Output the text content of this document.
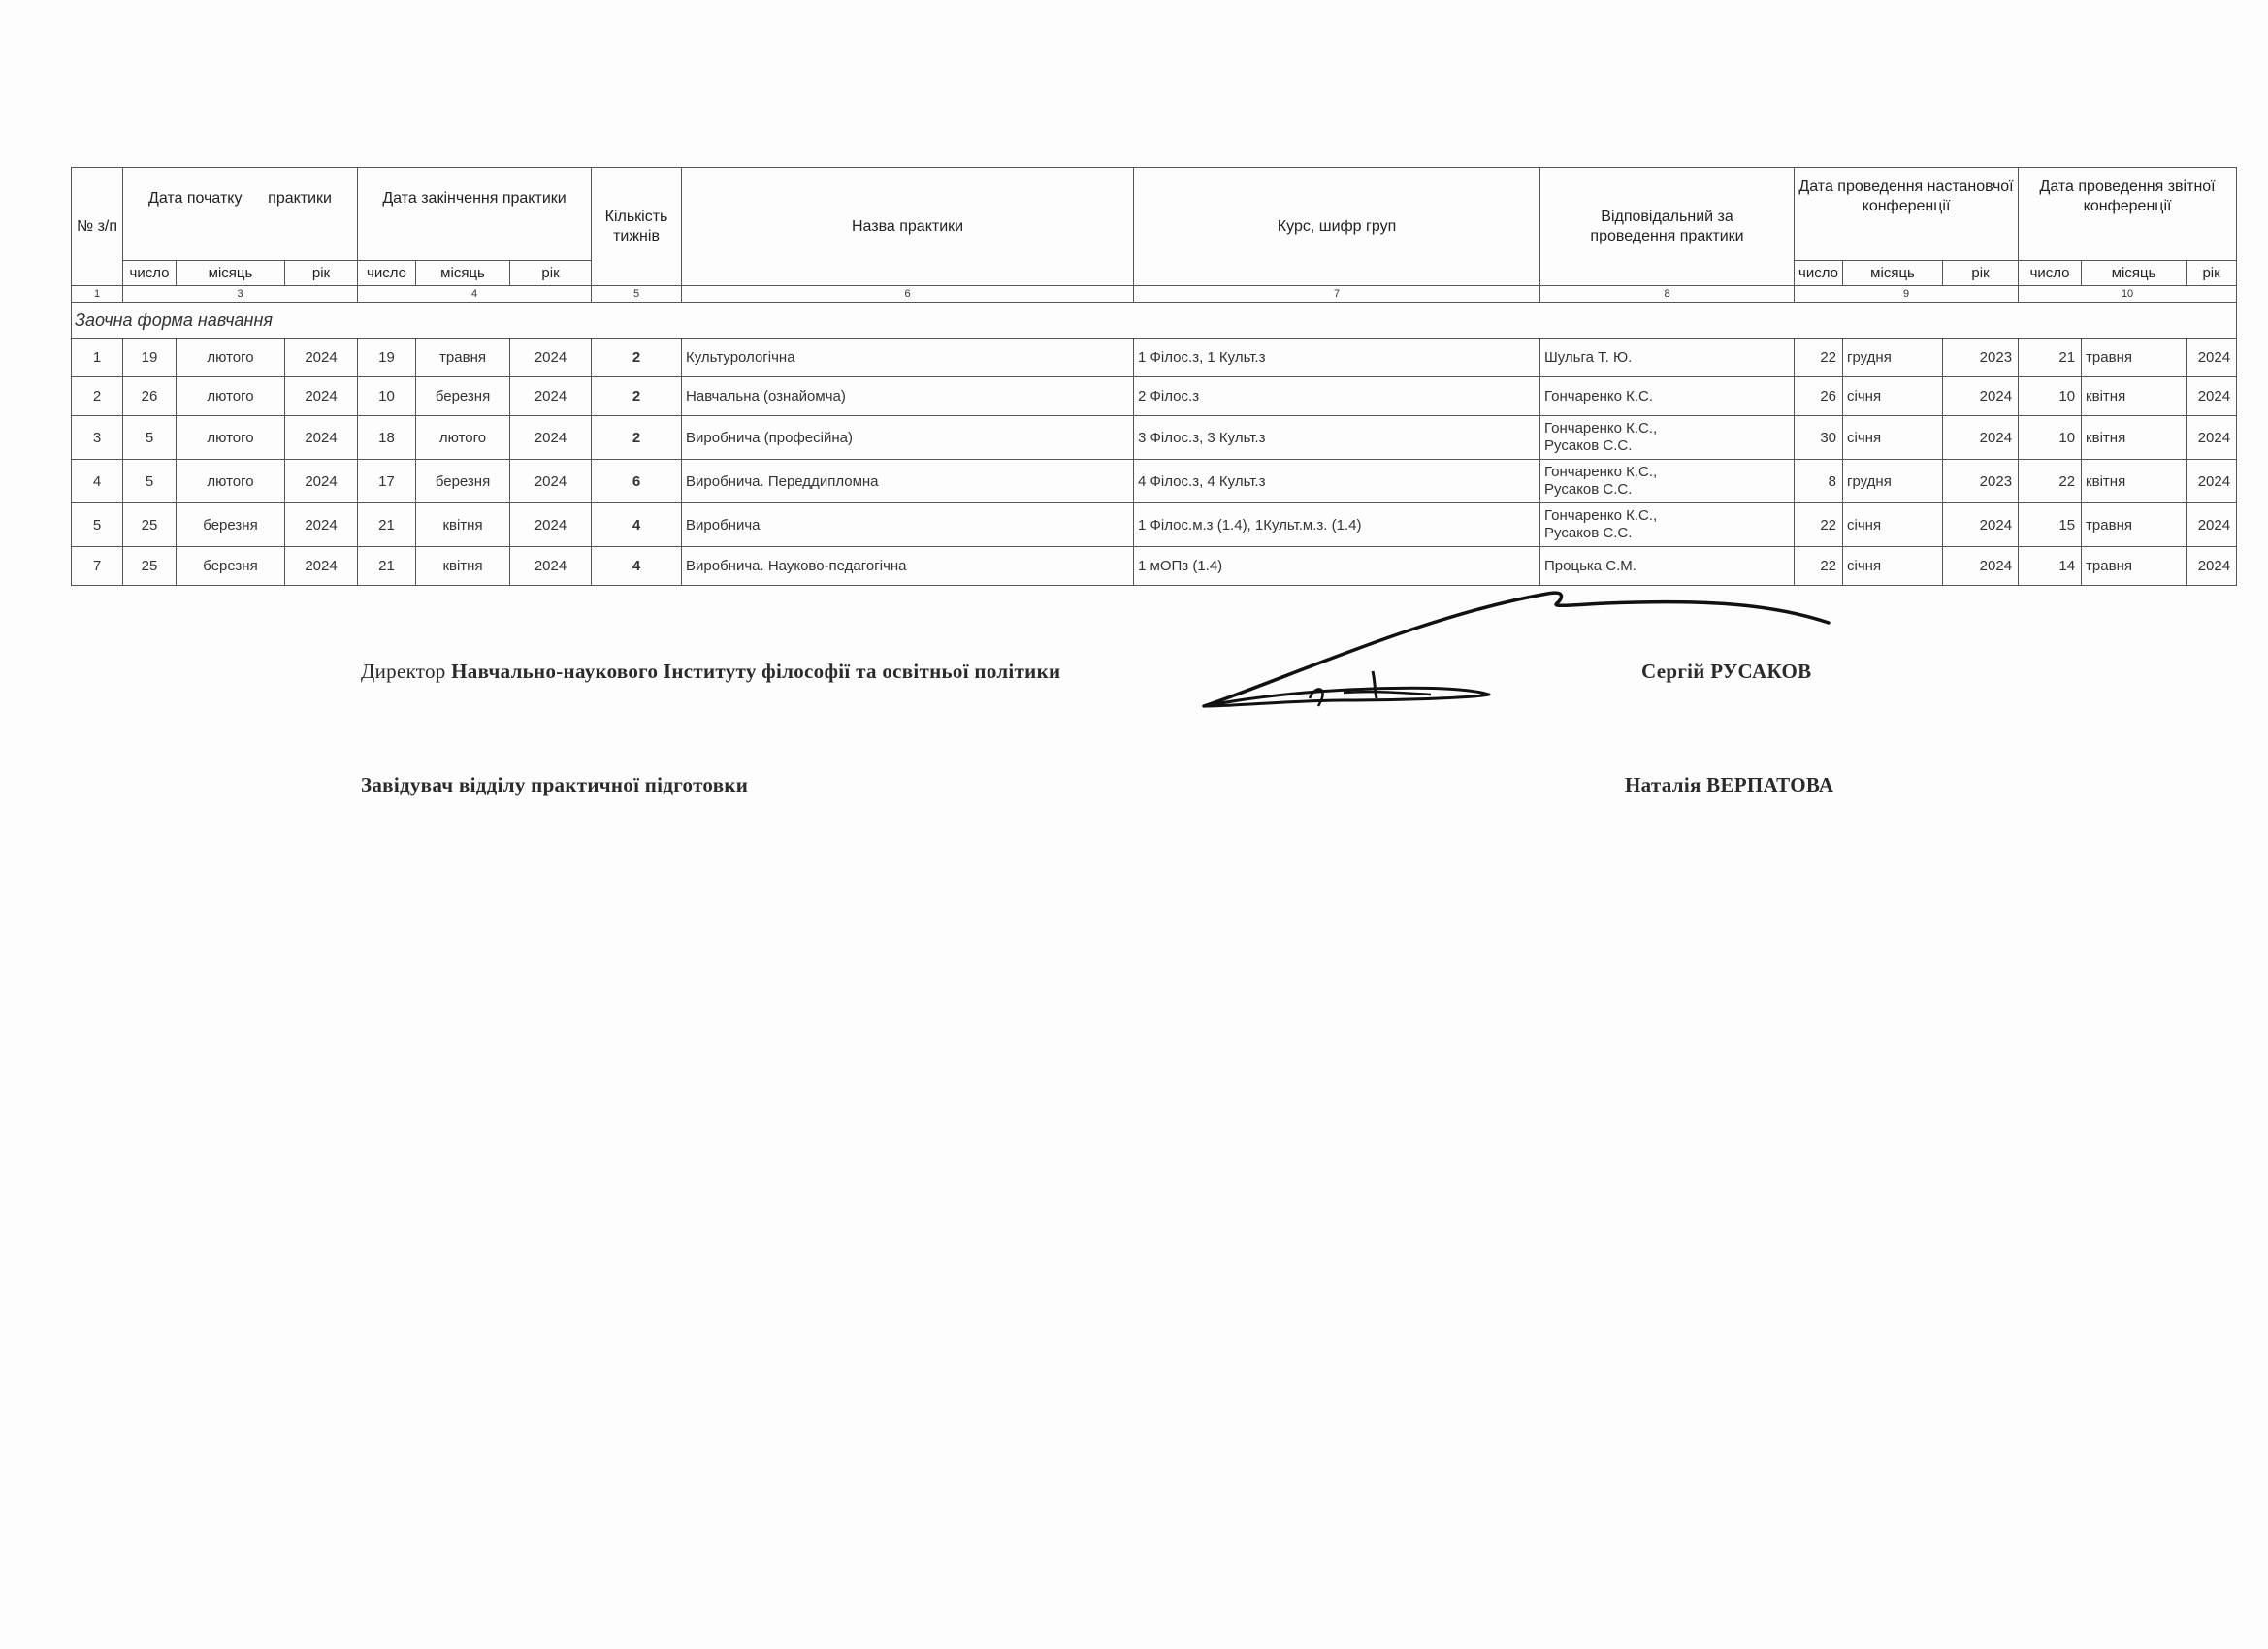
№ з/п	Дата початку      практики			Дата закінчення практики			Кількість тижнів	Назва практики	Курс, шифр груп	Відповідальний за проведення практики	Дата проведення настановчої конференції			Дата проведення звітної конференції		
	число	місяць	рік	число	місяць	рік					число	місяць	рік	число	місяць	рік
1	3			4			5	6	7	8	9			10		
Заочна форма навчання																
1	19	лютого	2024	19	травня	2024	2	Культурологічна	1 Філос.з, 1 Культ.з	Шульга Т. Ю.	22	грудня	2023	21	травня	2024
2	26	лютого	2024	10	березня	2024	2	Навчальна (ознайомча)	2 Філос.з	Гончаренко К.С.	26	січня	2024	10	квітня	2024
3	5	лютого	2024	18	лютого	2024	2	Виробнича (професійна)	3 Філос.з, 3 Культ.з	Гончаренко К.С.,
Русаков С.С.	30	січня	2024	10	квітня	2024
4	5	лютого	2024	17	березня	2024	6	Виробнича. Переддипломна	4 Філос.з, 4 Культ.з	Гончаренко К.С.,
Русаков С.С.	8	грудня	2023	22	квітня	2024
5	25	березня	2024	21	квітня	2024	4	Виробнича	1 Філос.м.з (1.4), 1Культ.м.з. (1.4)	Гончаренко К.С.,
Русаков С.С.	22	січня	2024	15	травня	2024
7	25	березня	2024	21	квітня	2024	4	Виробнича. Науково-педагогічна	1 мОПз (1.4)	Процька С.М.	22	січня	2024	14	травня	2024
Директор Навчально-наукового Інституту філософії та освітньої політики	Сергій РУСАКОВ
Завідувач відділу практичної підготовки	Наталія ВЕРПАТОВА
